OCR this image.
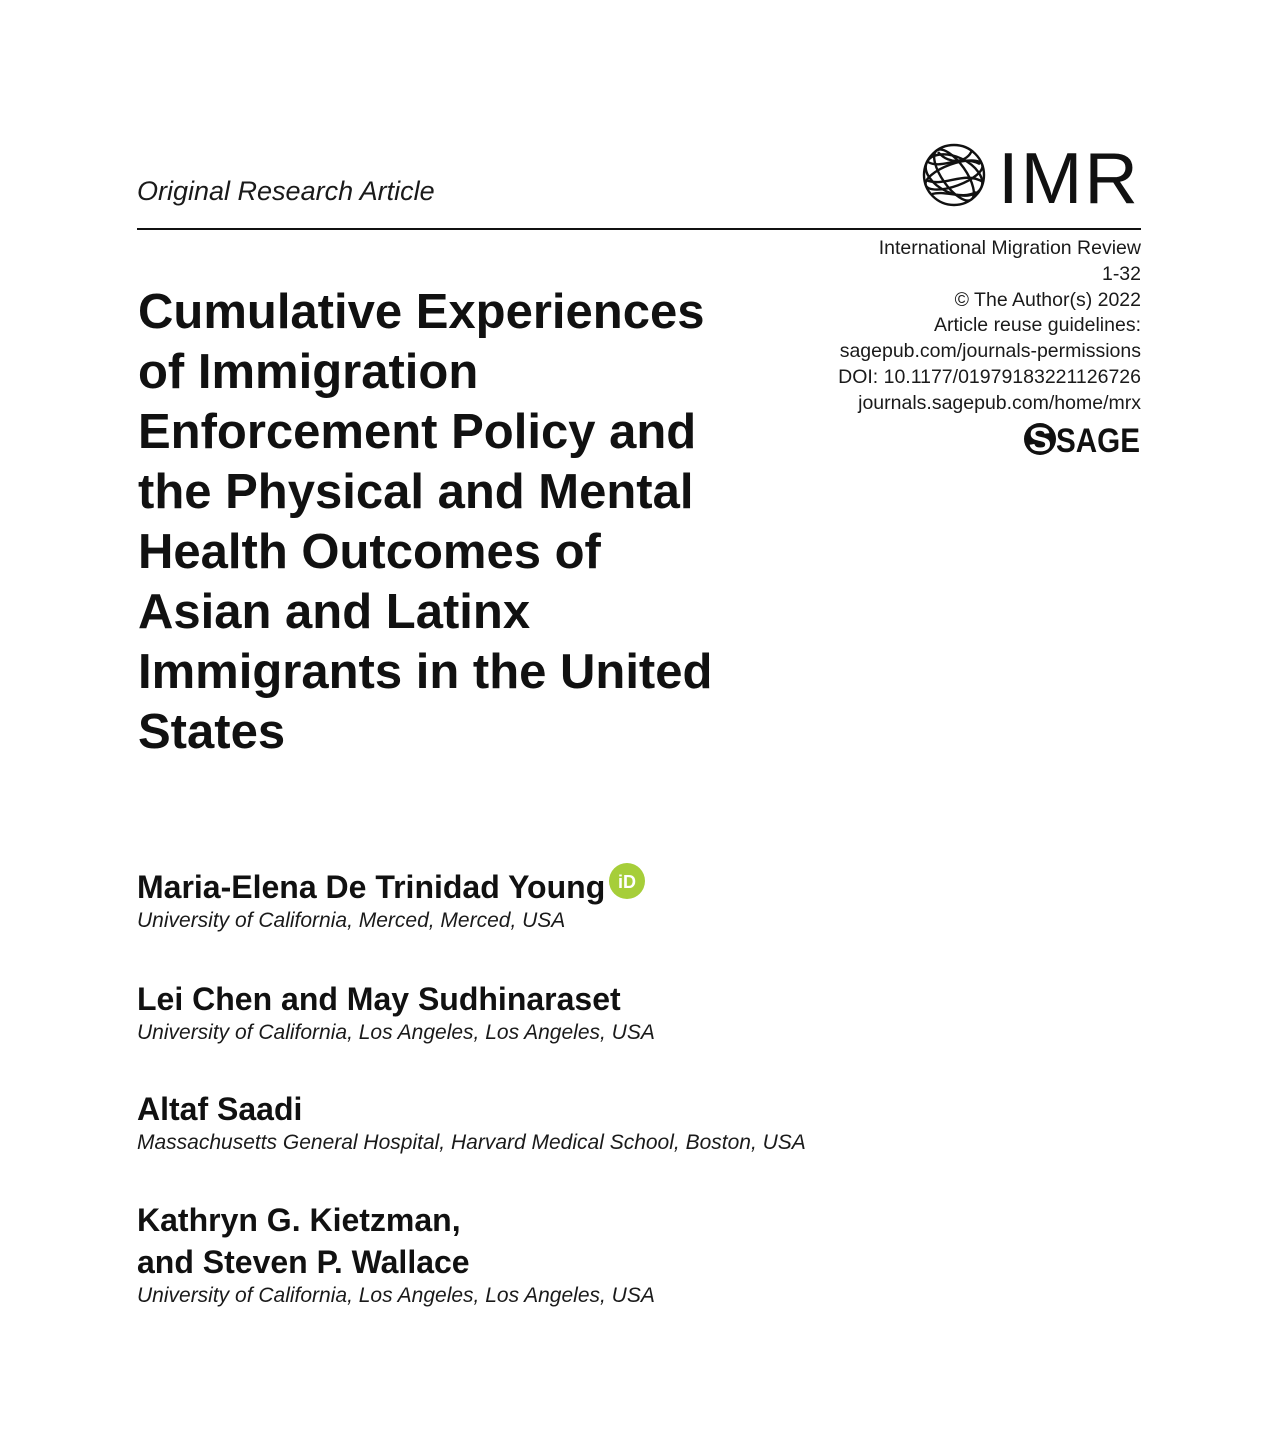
Original Research Article	IMR
International Migration Review
1-32
© The Author(s) 2022
Article reuse guidelines:
sagepub.com/journals-permissions
DOI: 10.1177/01979183221126726
journals.sagepub.com/home/mrx
S SAGE
Cumulative Experiences
of Immigration
Enforcement Policy and
the Physical and Mental
Health Outcomes of
Asian and Latinx
Immigrants in the United
States
Maria-Elena De Trinidad Young iD
University of California, Merced, Merced, USA
Lei Chen and May Sudhinaraset
University of California, Los Angeles, Los Angeles, USA
Altaf Saadi
Massachusetts General Hospital, Harvard Medical School, Boston, USA
Kathryn G. Kietzman,
and Steven P. Wallace
University of California, Los Angeles, Los Angeles, USA
